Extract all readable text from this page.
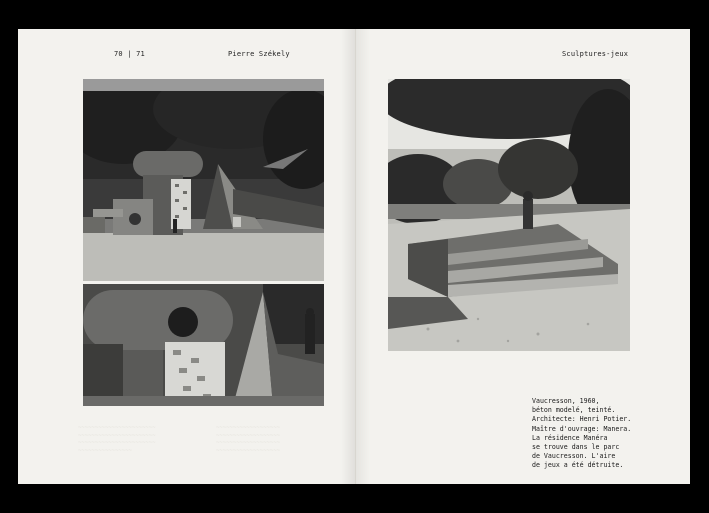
70 | 71	Pierre Székely
~~~~~~~~~~~~~~~~~~~~~~~
~~~~~~~~~~~~~~~~~~~~~~~
~~~~~~~~~~~~~~~~~~~~~~~
~~~~~~~~~~~~~~~~
~~~~~~~~~~~~~~~~~~~
~~~~~~~~~~~~~~~~~~~
~~~~~~~~~~~~~~~~~~~
~~~~~~~~~~~~~~~~~~~
Sculptures-jeux
Vaucresson, 1960,
béton modelé, teinté.
Architecte: Henri Potier.
Maître d'ouvrage: Manera.
La résidence Manéra
se trouve dans le parc
de Vaucresson. L'aire
de jeux a été détruite.
